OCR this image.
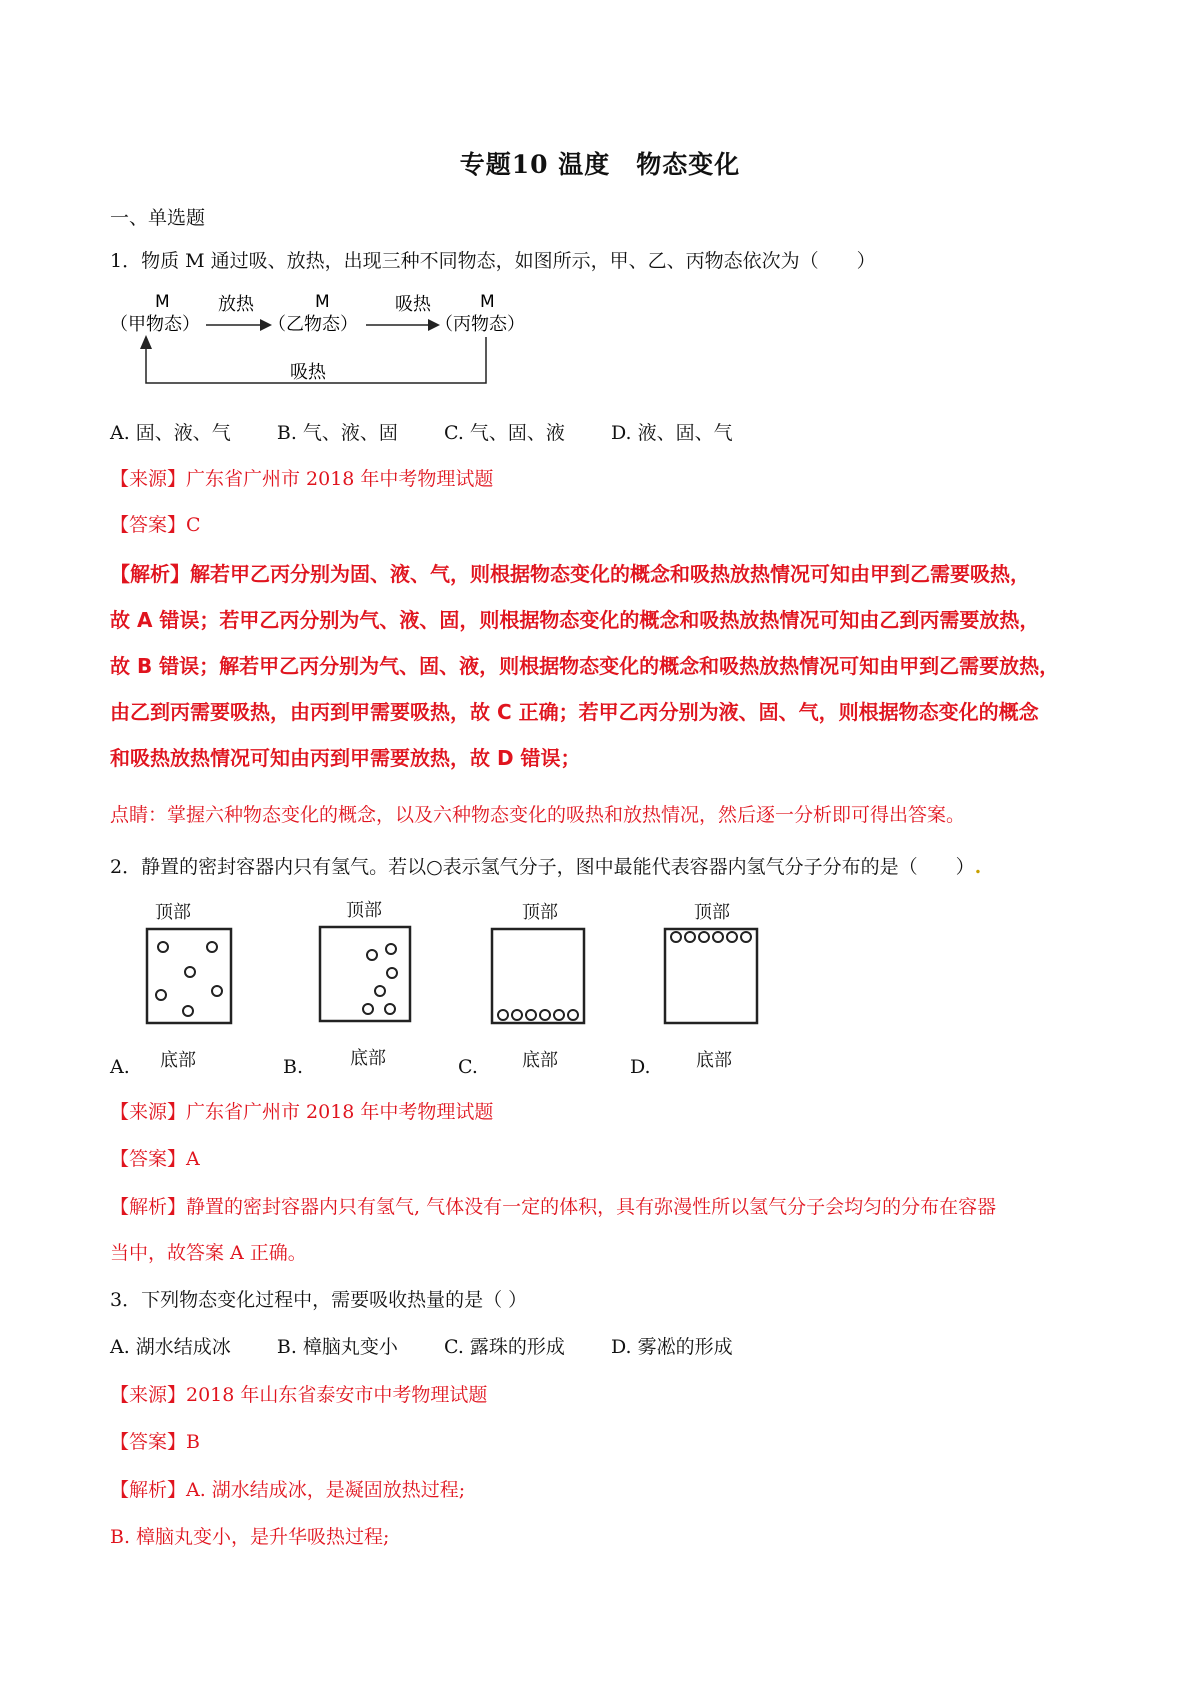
专题10 温度　物态变化
一、单选题
1．物质 M 通过吸、放热，出现三种不同物态，如图所示，甲、乙、丙物态依次为（　　）
M
（甲物态）
放热	M
（乙物态）
吸热	M
（丙物态）
吸热
A. 固、液、气 B. 气、液、固 C. 气、固、液 D. 液、固、气
【来源】广东省广州市 2018 年中考物理试题
【答案】C
【解析】解若甲乙丙分别为固、液、气，则根据物态变化的概念和吸热放热情况可知由甲到乙需要吸热，
故 A 错误；若甲乙丙分别为气、液、固，则根据物态变化的概念和吸热放热情况可知由乙到丙需要放热，
故 B 错误；解若甲乙丙分别为气、固、液，则根据物态变化的概念和吸热放热情况可知由甲到乙需要放热，
由乙到丙需要吸热，由丙到甲需要吸热，故 C 正确；若甲乙丙分别为液、固、气，则根据物态变化的概念
和吸热放热情况可知由丙到甲需要放热，故 D 错误；
点睛：掌握六种物态变化的概念，以及六种物态变化的吸热和放热情况，然后逐一分析即可得出答案。
2．静置的密封容器内只有氢气。若以○表示氢气分子，图中最能代表容器内氢气分子分布的是（　　）.
顶部
底部
顶部
底部
顶部
底部
顶部
底部
A.	B.	C.	D.
【来源】广东省广州市 2018 年中考物理试题
【答案】A
【解析】静置的密封容器内只有氢气, 气体没有一定的体积，具有弥漫性所以氢气分子会均匀的分布在容器
当中，故答案 A 正确。
3．下列物态变化过程中，需要吸收热量的是（ ）
A. 湖水结成冰 B. 樟脑丸变小 C. 露珠的形成 D. 雾凇的形成
【来源】2018 年山东省泰安市中考物理试题
【答案】B
【解析】A. 湖水结成冰，是凝固放热过程;
B. 樟脑丸变小，是升华吸热过程;
